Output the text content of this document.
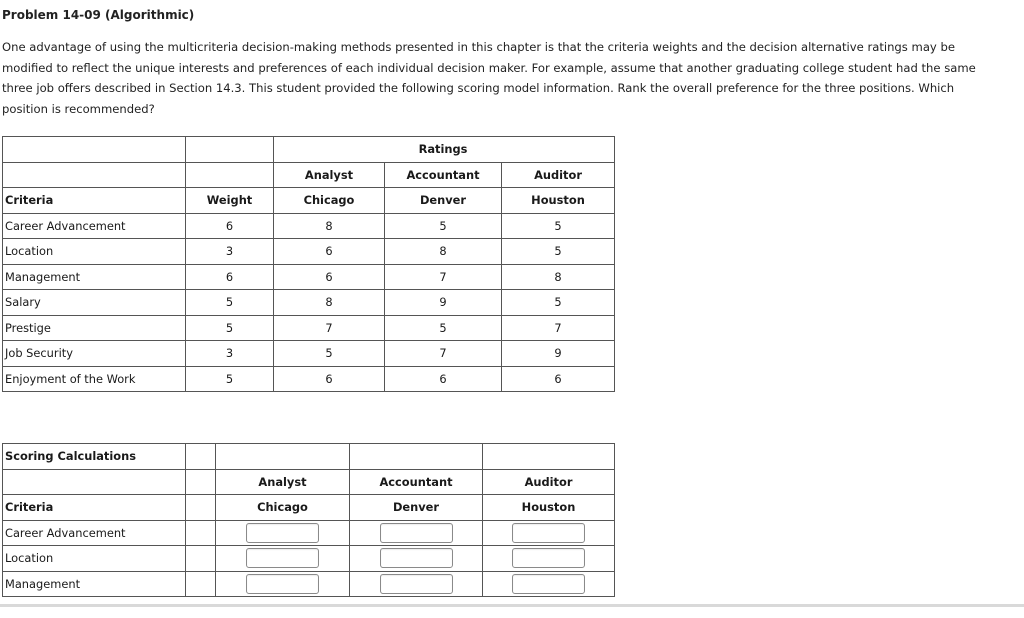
Problem 14-09 (Algorithmic)
One advantage of using the multicriteria decision-making methods presented in this chapter is that the criteria weights and the decision alternative ratings may be modified to reflect the unique interests and preferences of each individual decision maker. For example, assume that another graduating college student had the same three job offers described in Section 14.3. This student provided the following scoring model information. Rank the overall preference for the three positions. Which position is recommended?
			Ratings	
		Analyst	Accountant	Auditor
Criteria	Weight	Chicago	Denver	Houston
Career Advancement	6	8	5	5
Location	3	6	8	5
Management	6	6	7	8
Salary	5	8	9	5
Prestige	5	7	5	7
Job Security	3	5	7	9
Enjoyment of the Work	5	6	6	6
Scoring Calculations				
		Analyst	Accountant	Auditor
Criteria		Chicago	Denver	Houston
Career Advancement		

Location		

Management		
